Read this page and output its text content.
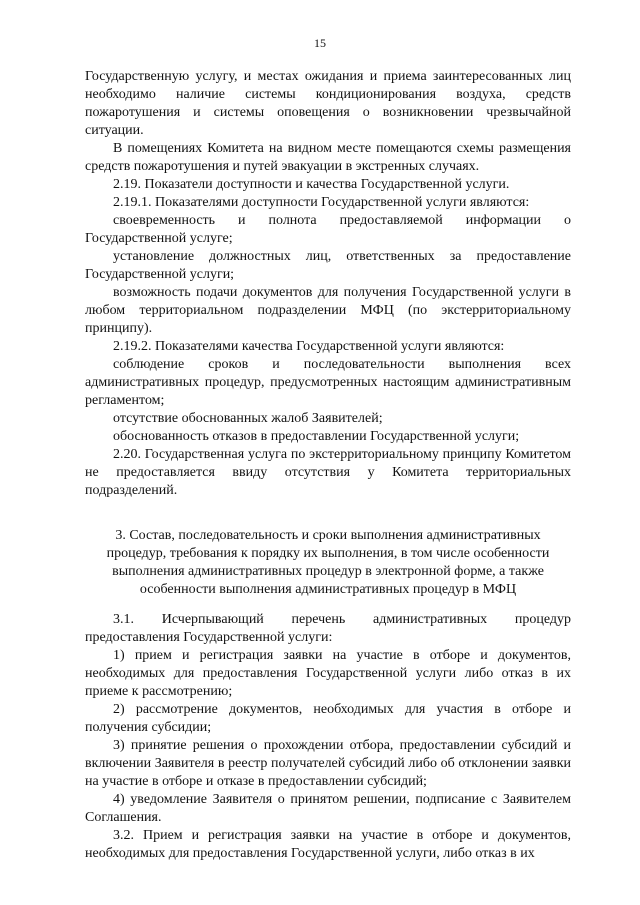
15

Государственную услугу, и местах ожидания и приема заинтересованных лиц необходимо наличие системы кондиционирования воздуха, средств пожаротушения и системы оповещения о возникновении чрезвычайной ситуации.

В помещениях Комитета на видном месте помещаются схемы размещения средств пожаротушения и путей эвакуации в экстренных случаях.

2.19. Показатели доступности и качества Государственной услуги.

2.19.1. Показателями доступности Государственной услуги являются:

своевременность и полнота предоставляемой информации о Государственной услуге;

установление должностных лиц, ответственных за предоставление Государственной услуги;

возможность подачи документов для получения Государственной услуги в любом территориальном подразделении МФЦ (по экстерриториальному принципу).

2.19.2. Показателями качества Государственной услуги являются:

соблюдение сроков и последовательности выполнения всех административных процедур, предусмотренных настоящим административным регламентом;

отсутствие обоснованных жалоб Заявителей;

обоснованность отказов в предоставлении Государственной услуги;

2.20. Государственная услуга по экстерриториальному принципу Комитетом не предоставляется ввиду отсутствия у Комитета территориальных подразделений.

3. Состав, последовательность и сроки выполнения административных процедур, требования к порядку их выполнения, в том числе особенности выполнения административных процедур в электронной форме, а также особенности выполнения административных процедур в МФЦ

3.1. Исчерпывающий перечень административных процедур предоставления Государственной услуги:

1) прием и регистрация заявки на участие в отборе и документов, необходимых для предоставления Государственной услуги либо отказ в их приеме к рассмотрению;

2) рассмотрение документов, необходимых для участия в отборе и получения субсидии;

3) принятие решения о прохождении отбора, предоставлении субсидий и включении Заявителя в реестр получателей субсидий либо об отклонении заявки на участие в отборе и отказе в предоставлении субсидий;

4) уведомление Заявителя о принятом решении, подписание с Заявителем Соглашения.

3.2. Прием и регистрация заявки на участие в отборе и документов, необходимых для предоставления Государственной услуги, либо отказ в их
